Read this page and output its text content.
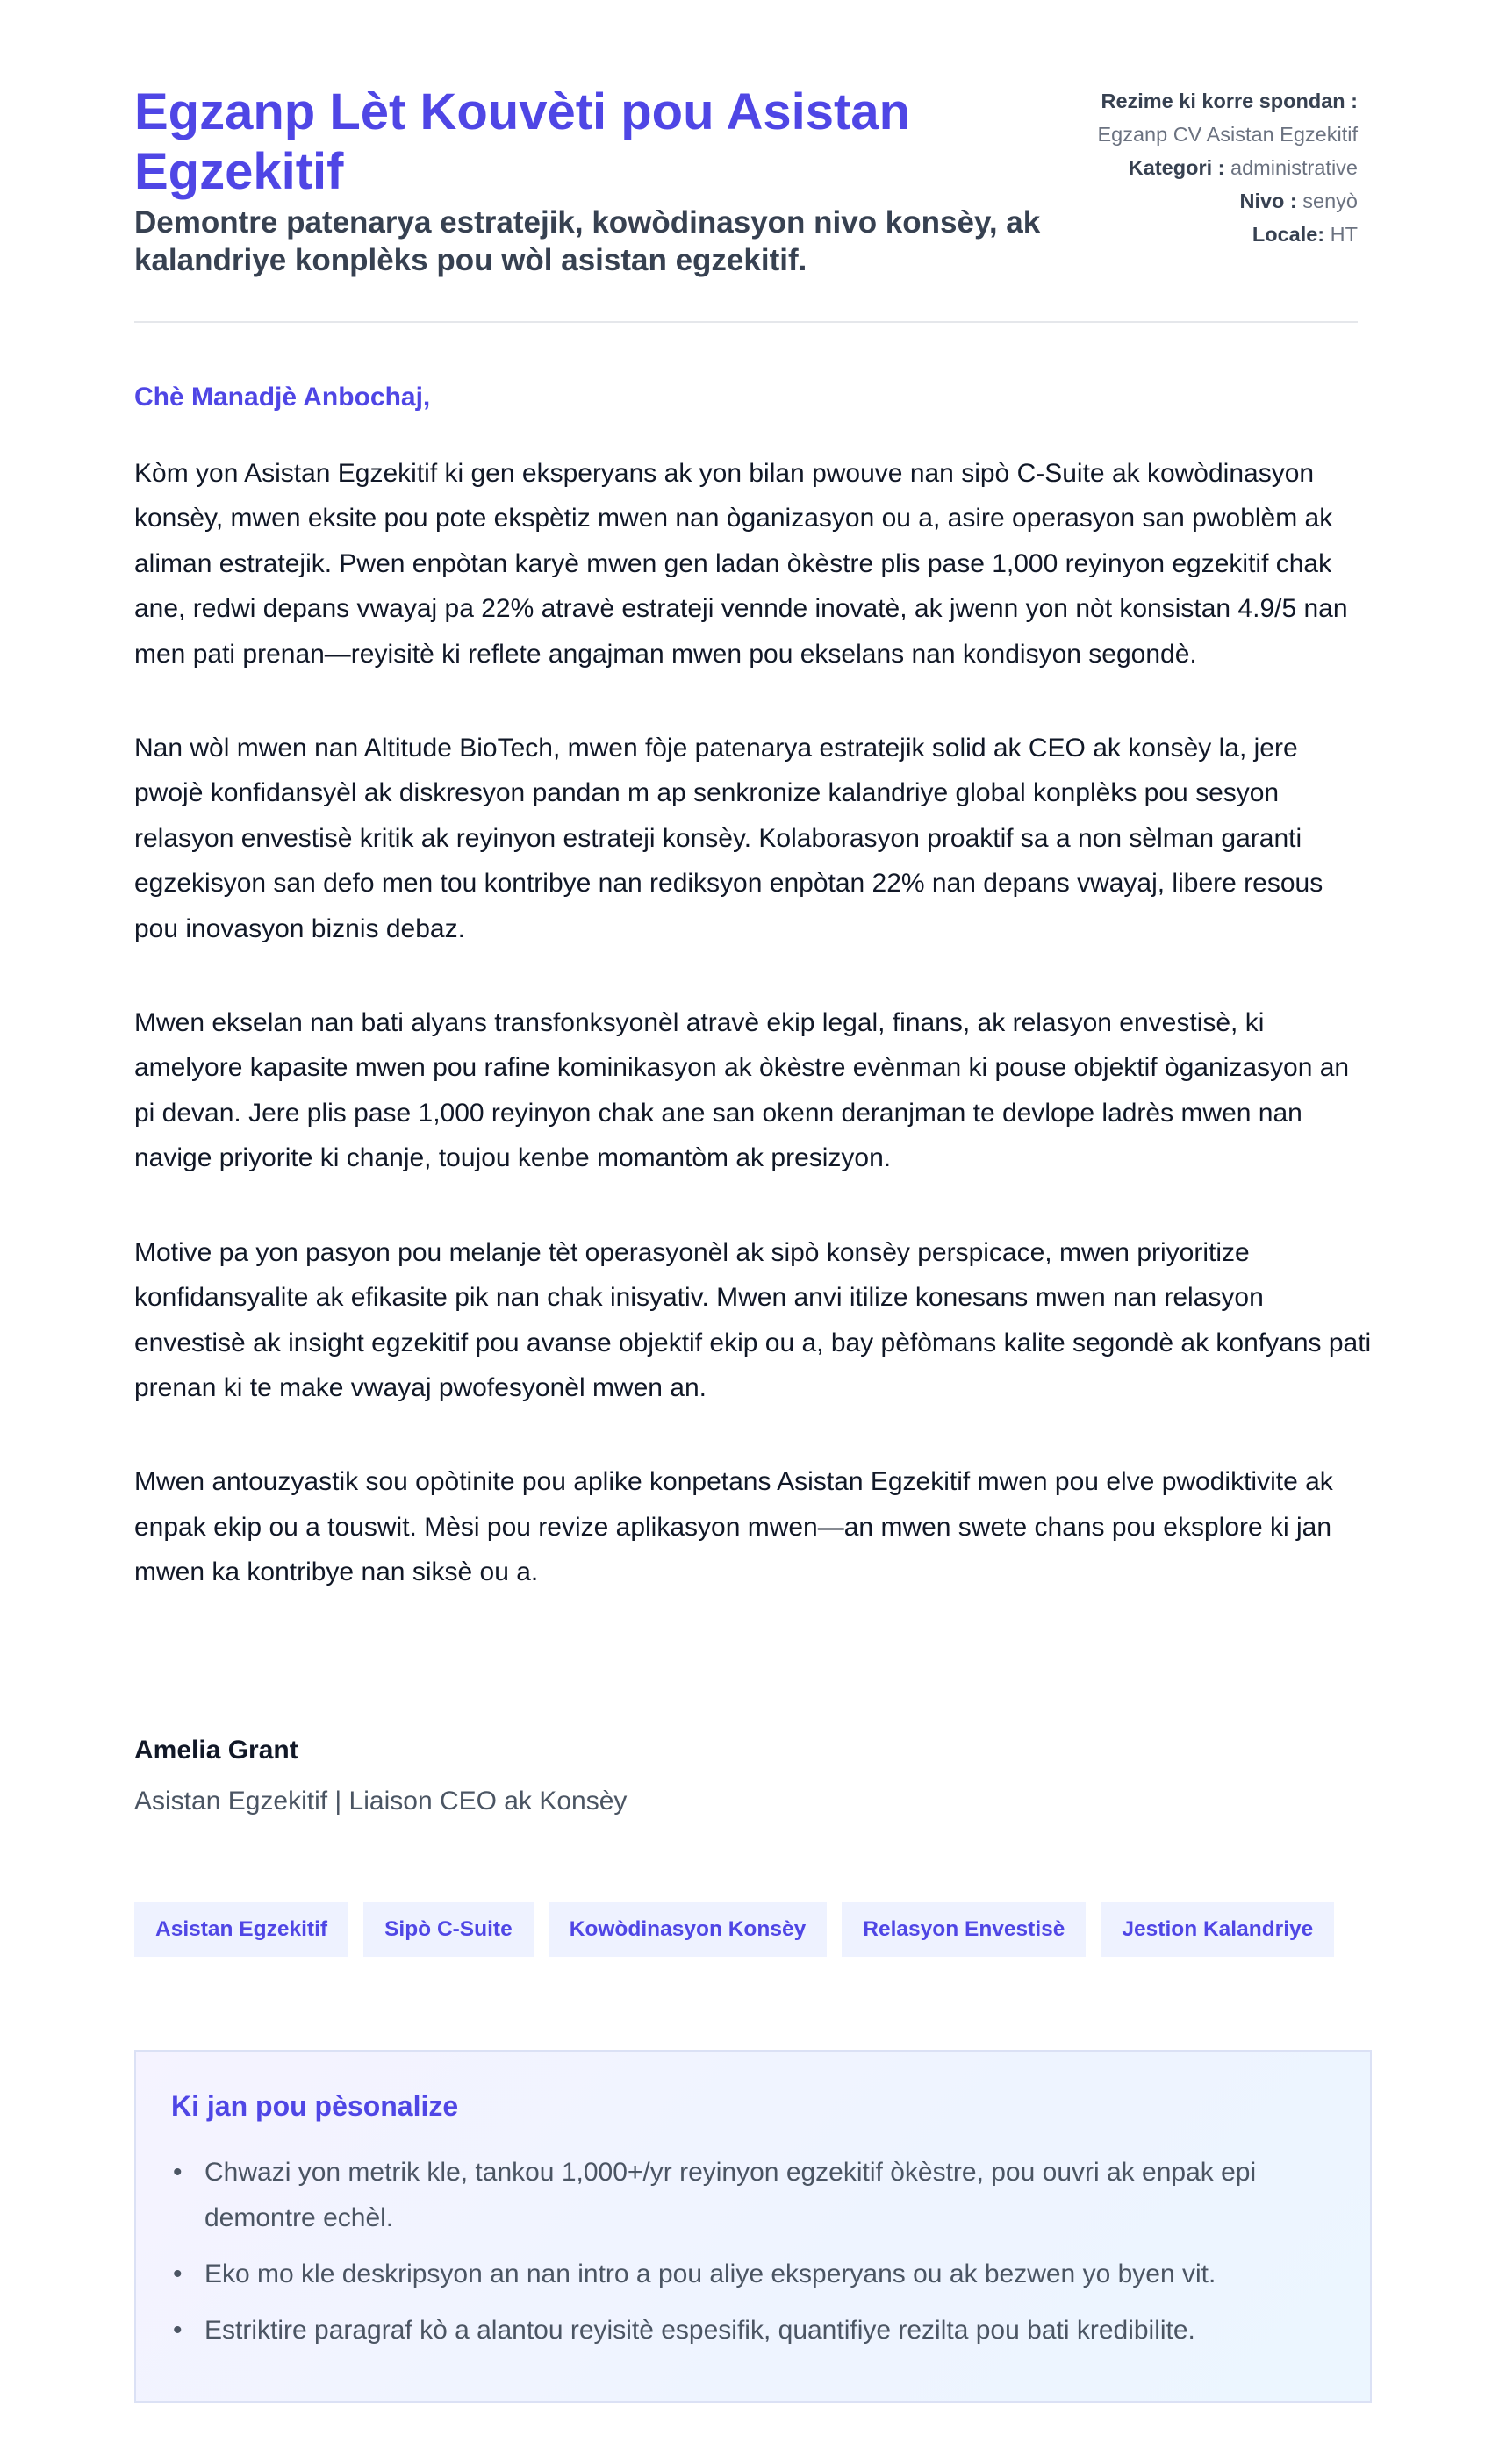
Egzanp Lèt Kouvèti pou Asistan Egzekitif
Demontre patenarya estratejik, kowòdinasyon nivo konsèy, ak kalandriye konplèks pou wòl asistan egzekitif.
Rezime ki korre spondan :
Egzanp CV Asistan Egzekitif
Kategori : administrative
Nivo : senyò
Locale: HT
Chè Manadjè Anbochaj,

Kòm yon Asistan Egzekitif ki gen eksperyans ak yon bilan pwouve nan sipò C-Suite ak kowòdinasyon konsèy, mwen eksite pou pote ekspètiz mwen nan òganizasyon ou a, asire operasyon san pwoblèm ak aliman estratejik. Pwen enpòtan karyè mwen gen ladan òkèstre plis pase 1,000 reyinyon egzekitif chak ane, redwi depans vwayaj pa 22% atravè estrateji vennde inovatè, ak jwenn yon nòt konsistan 4.9/5 nan men pati prenan—reyisitè ki reflete angajman mwen pou ekselans nan kondisyon segondè.

Nan wòl mwen nan Altitude BioTech, mwen fòje patenarya estratejik solid ak CEO ak konsèy la, jere pwojè konfidansyèl ak diskresyon pandan m ap senkronize kalandriye global konplèks pou sesyon relasyon envestisè kritik ak reyinyon estrateji konsèy. Kolaborasyon proaktif sa a non sèlman garanti egzekisyon san defo men tou kontribye nan rediksyon enpòtan 22% nan depans vwayaj, libere resous pou inovasyon biznis debaz.

Mwen ekselan nan bati alyans transfonksyonèl atravè ekip legal, finans, ak relasyon envestisè, ki amelyore kapasite mwen pou rafine kominikasyon ak òkèstre evènman ki pouse objektif òganizasyon an pi devan. Jere plis pase 1,000 reyinyon chak ane san okenn deranjman te devlope ladrès mwen nan navige priyorite ki chanje, toujou kenbe momantòm ak presizyon.

Motive pa yon pasyon pou melanje tèt operasyonèl ak sipò konsèy perspicace, mwen priyoritize konfidansyalite ak efikasite pik nan chak inisyativ. Mwen anvi itilize konesans mwen nan relasyon envestisè ak insight egzekitif pou avanse objektif ekip ou a, bay pèfòmans kalite segondè ak konfyans pati prenan ki te make vwayaj pwofesyonèl mwen an.

Mwen antouzyastik sou opòtinite pou aplike konpetans Asistan Egzekitif mwen pou elve pwodiktivite ak enpak ekip ou a touswit. Mèsi pou revize aplikasyon mwen—an mwen swete chans pou eksplore ki jan mwen ka kontribye nan siksè ou a.

Amelia Grant
Asistan Egzekitif | Liaison CEO ak Konsèy
Asistan Egzekitif	Sipò C-Suite	Kowòdinasyon Konsèy	Relasyon Envestisè	Jestion Kalandriye
Ki jan pou pèsonalize
• Chwazi yon metrik kle, tankou 1,000+/yr reyinyon egzekitif òkèstre, pou ouvri ak enpak epi demontre echèl.
• Eko mo kle deskripsyon an nan intro a pou aliye eksperyans ou ak bezwen yo byen vit.
• Estriktire paragraf kò a alantou reyisitè espesifik, quantifiye rezilta pou bati kredibilite.
